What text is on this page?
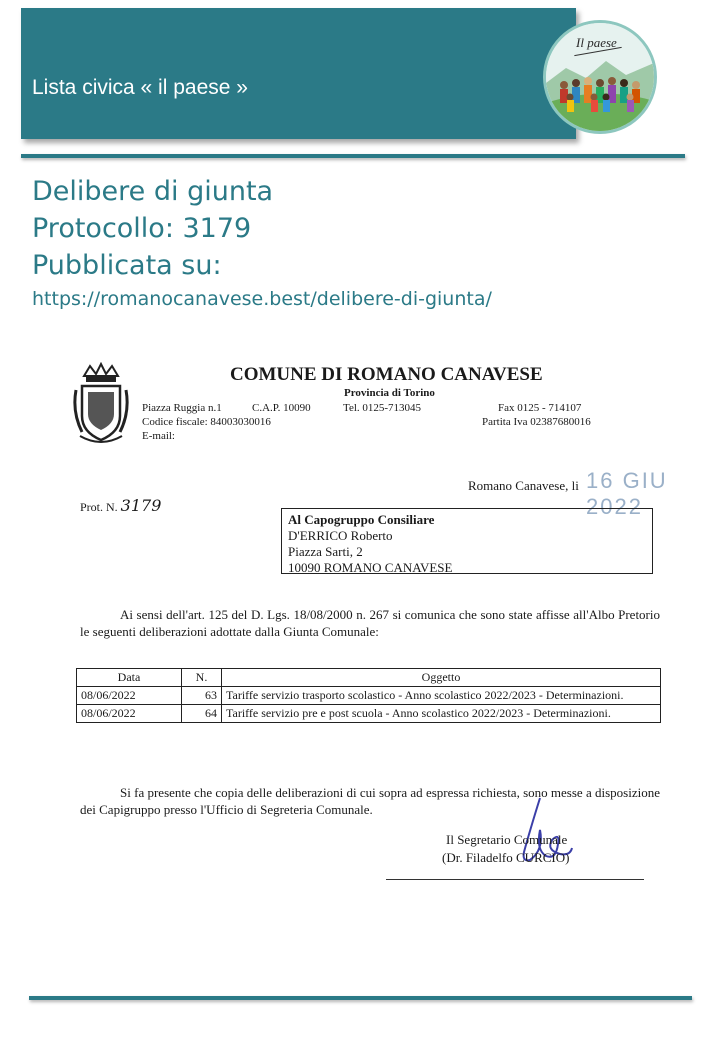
Lista civica « il paese »
Il paese
Delibere di giunta
Protocollo: 3179
Pubblicata su:
https://romanocanavese.best/delibere-di-giunta/
COMUNE DI ROMANO CANAVESE
Provincia di Torino
Piazza Ruggia n.1	C.A.P. 10090	Tel. 0125-713045	Fax 0125 - 714107
Codice fiscale: 84003030016	Partita Iva 02387680016
E-mail:
Romano Canavese, li 16 GIU 2022
Prot. N. 3179
Al Capogruppo Consiliare
D'ERRICO Roberto
Piazza Sarti, 2
10090 ROMANO CANAVESE
Ai sensi dell'art. 125 del D. Lgs. 18/08/2000 n. 267 si comunica che sono state affisse all'Albo Pretorio le seguenti deliberazioni adottate dalla Giunta Comunale:
Data	N.	Oggetto
08/06/2022	63	Tariffe servizio trasporto scolastico - Anno scolastico 2022/2023 - Determinazioni.
08/06/2022	64	Tariffe servizio pre e post scuola - Anno scolastico 2022/2023 - Determinazioni.
Si fa presente che copia delle deliberazioni di cui sopra ad espressa richiesta, sono messe a disposizione dei Capigruppo presso l'Ufficio di Segreteria Comunale.
Il Segretario Comunale
(Dr. Filadelfo CURCIO)
